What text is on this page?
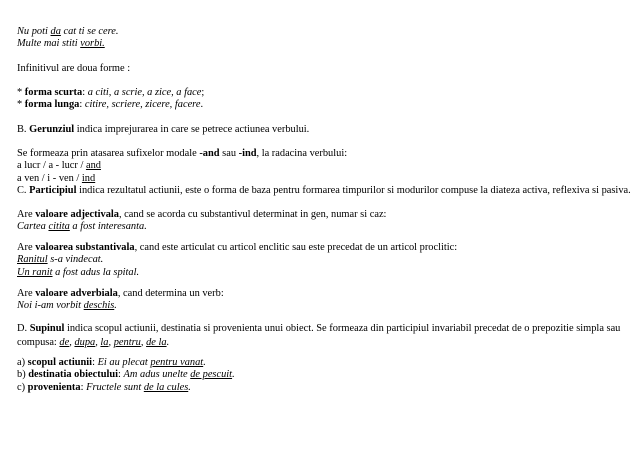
Nu poti da cat ti se cere.
Multe mai stiti vorbi.
Infinitivul are doua forme :
* forma scurta: a citi, a scrie, a zice, a face;
* forma lunga: citire, scriere, zicere, facere.
B. Gerunziul indica imprejurarea in care se petrece actiunea verbului.
Se formeaza prin atasarea sufixelor modale -and sau -ind, la radacina verbului:
a lucr / a - lucr / and
a ven / i - ven / ind
C. Participiul indica rezultatul actiunii, este o forma de baza pentru formarea timpurilor si modurilor compuse la diateza activa, reflexiva si pasiva.
Are valoare adjectivala, cand se acorda cu substantivul determinat in gen, numar si caz:
Cartea citita a fost interesanta.
Are valoarea substantivala, cand este articulat cu articol enclitic sau este precedat de un articol proclitic:
Ranitul s-a vindecat.
Un ranit a fost adus la spital.
Are valoare adverbiala, cand determina un verb:
Noi i-am vorbit deschis.
D. Supinul indica scopul actiunii, destinatia si provenienta unui obiect. Se formeaza din participiul invariabil precedat de o prepozitie simpla sau compusa: de, dupa, la, pentru, de la.
a) scopul actiunii: Ei au plecat pentru vanat.
b) destinatia obiectului: Am adus unelte de pescuit.
c) provenienta: Fructele sunt de la cules.
